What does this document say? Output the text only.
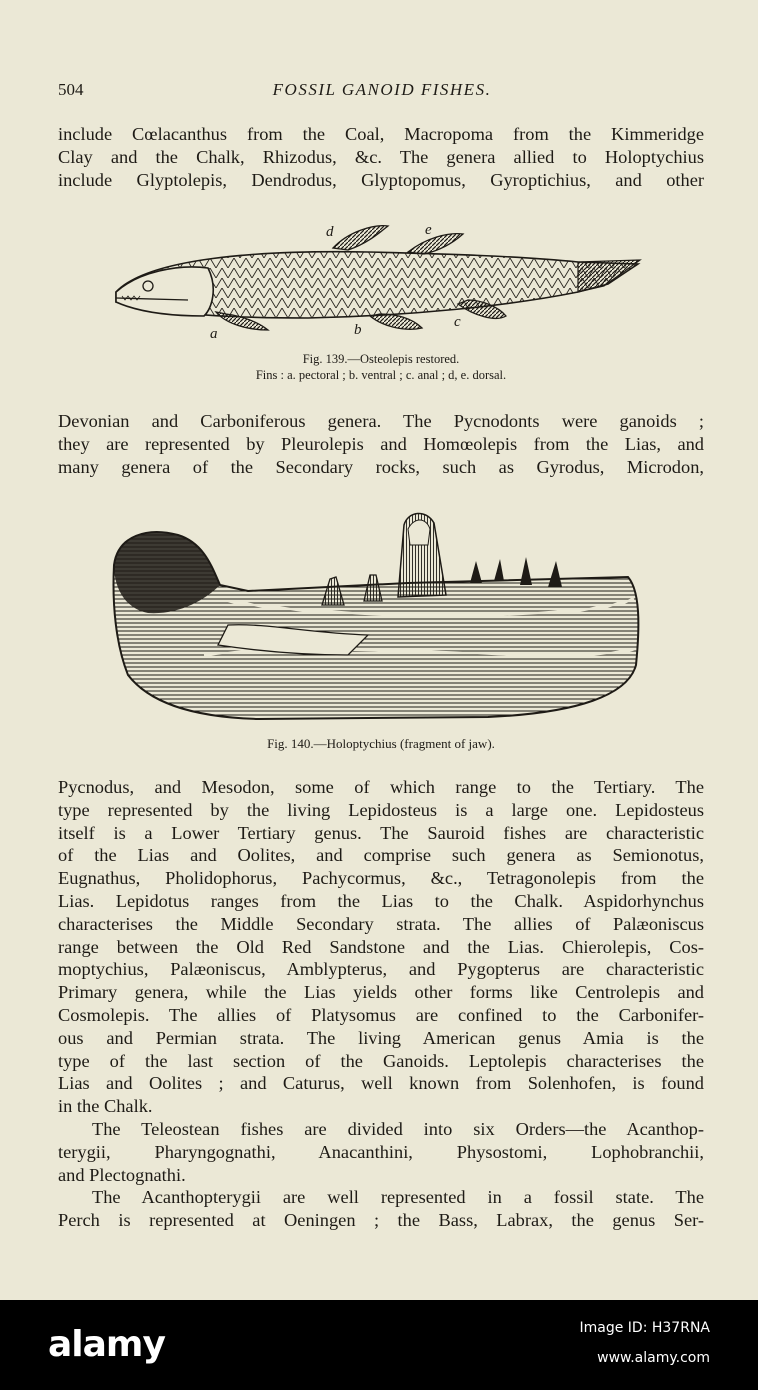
504	FOSSIL GANOID FISHES.
include Cœlacanthus from the Coal, Macropoma from the Kimmeridge
Clay and the Chalk, Rhizodus, &c. The genera allied to Holoptychius
include Glyptolepis, Dendrodus, Glyptopomus, Gyroptichius, and other
d	e
a	b	c
Fig. 139.—Osteolepis restored.
Fins : a. pectoral ; b. ventral ; c. anal ; d, e. dorsal.
Devonian and Carboniferous genera. The Pycnodonts were ganoids ;
they are represented by Pleurolepis and Homœolepis from the Lias, and
many genera of the Secondary rocks, such as Gyrodus, Microdon,
Fig. 140.—Holoptychius (fragment of jaw).
Pycnodus, and Mesodon, some of which range to the Tertiary. The
type represented by the living Lepidosteus is a large one. Lepidosteus
itself is a Lower Tertiary genus. The Sauroid fishes are characteristic
of the Lias and Oolites, and comprise such genera as Semionotus,
Eugnathus, Pholidophorus, Pachycormus, &c., Tetragonolepis from the
Lias. Lepidotus ranges from the Lias to the Chalk. Aspidorhynchus
characterises the Middle Secondary strata. The allies of Palæoniscus
range between the Old Red Sandstone and the Lias. Chierolepis, Cos-
moptychius, Palæoniscus, Amblypterus, and Pygopterus are characteristic
Primary genera, while the Lias yields other forms like Centrolepis and
Cosmolepis. The allies of Platysomus are confined to the Carbonifer-
ous and Permian strata. The living American genus Amia is the
type of the last section of the Ganoids. Leptolepis characterises the
Lias and Oolites ; and Caturus, well known from Solenhofen, is found
in the Chalk.
The Teleostean fishes are divided into six Orders—the Acanthop-
terygii, Pharyngognathi, Anacanthini, Physostomi, Lophobranchii,
and Plectognathi.
The Acanthopterygii are well represented in a fossil state. The
Perch is represented at Oeningen ; the Bass, Labrax, the genus Ser-
alamy	Image ID: H37RNA
www.alamy.com
